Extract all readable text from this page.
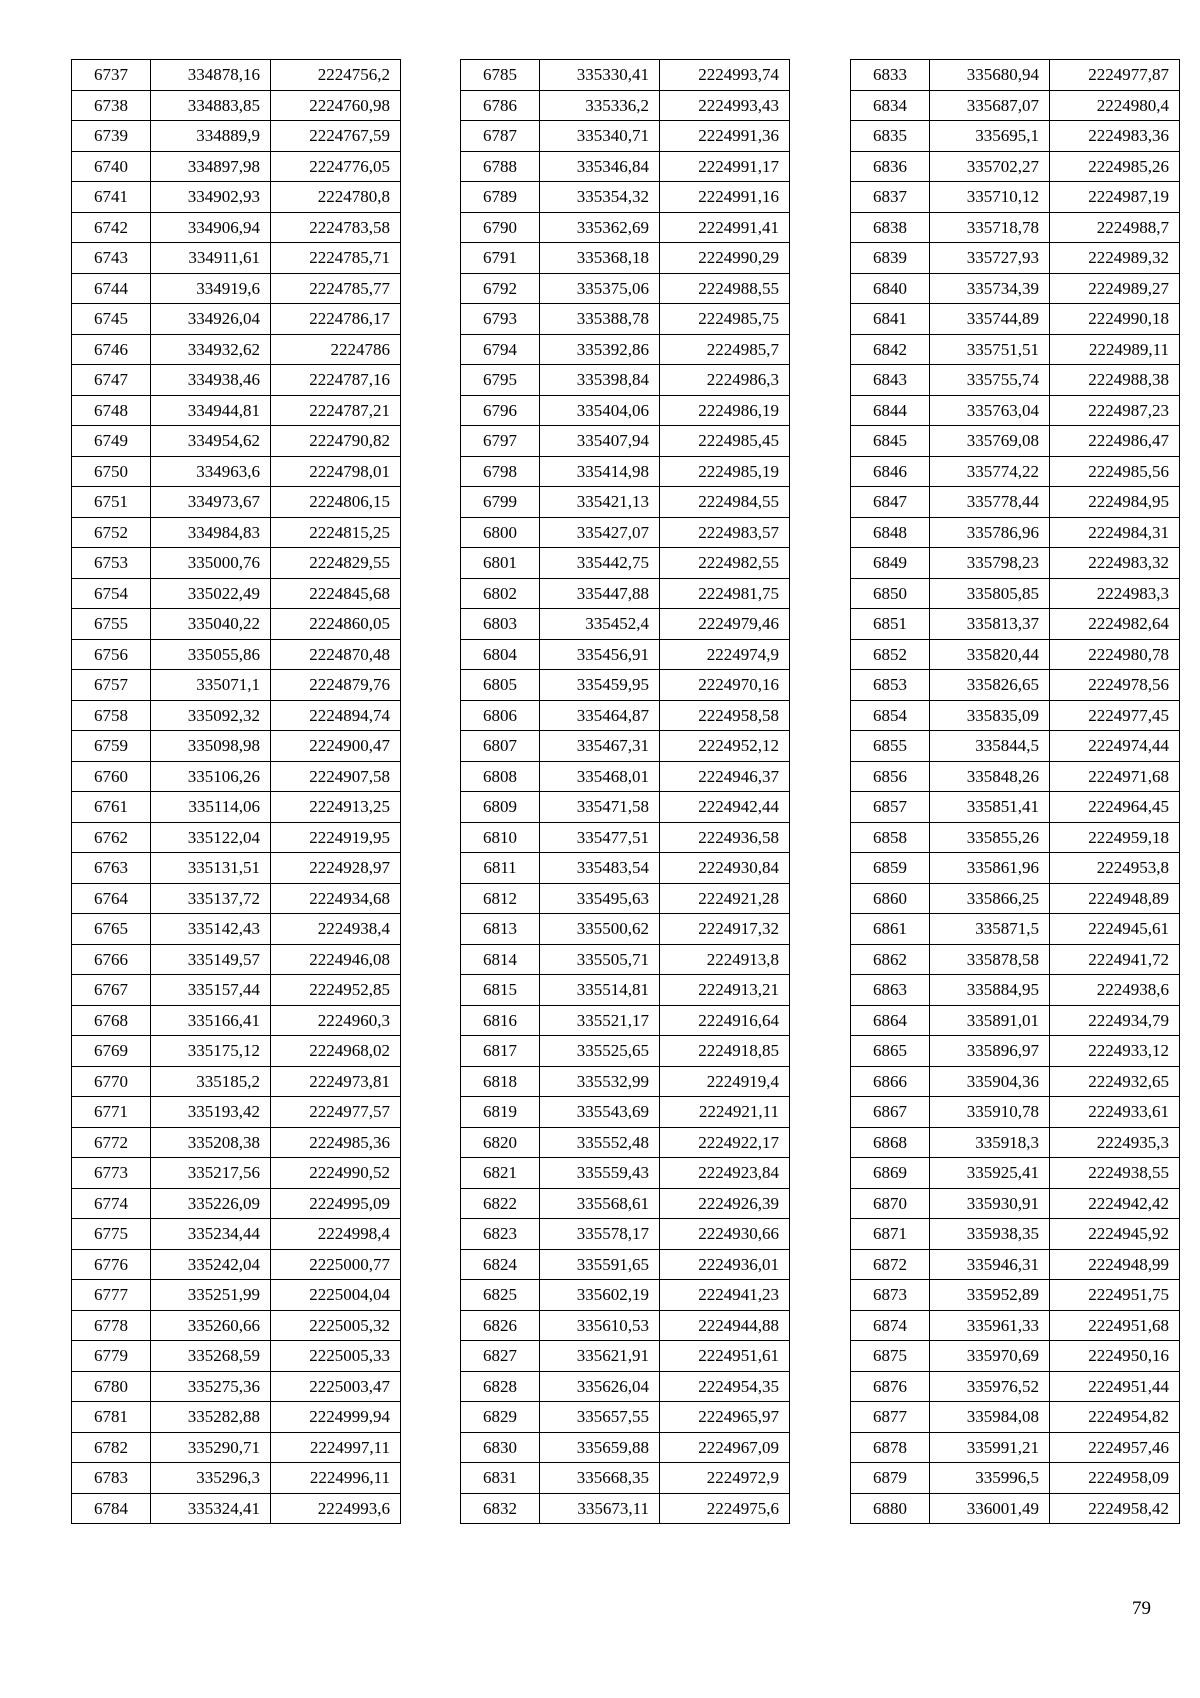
6737	334878,16	2224756,2
6738	334883,85	2224760,98
6739	334889,9	2224767,59
6740	334897,98	2224776,05
6741	334902,93	2224780,8
6742	334906,94	2224783,58
6743	334911,61	2224785,71
6744	334919,6	2224785,77
6745	334926,04	2224786,17
6746	334932,62	2224786
6747	334938,46	2224787,16
6748	334944,81	2224787,21
6749	334954,62	2224790,82
6750	334963,6	2224798,01
6751	334973,67	2224806,15
6752	334984,83	2224815,25
6753	335000,76	2224829,55
6754	335022,49	2224845,68
6755	335040,22	2224860,05
6756	335055,86	2224870,48
6757	335071,1	2224879,76
6758	335092,32	2224894,74
6759	335098,98	2224900,47
6760	335106,26	2224907,58
6761	335114,06	2224913,25
6762	335122,04	2224919,95
6763	335131,51	2224928,97
6764	335137,72	2224934,68
6765	335142,43	2224938,4
6766	335149,57	2224946,08
6767	335157,44	2224952,85
6768	335166,41	2224960,3
6769	335175,12	2224968,02
6770	335185,2	2224973,81
6771	335193,42	2224977,57
6772	335208,38	2224985,36
6773	335217,56	2224990,52
6774	335226,09	2224995,09
6775	335234,44	2224998,4
6776	335242,04	2225000,77
6777	335251,99	2225004,04
6778	335260,66	2225005,32
6779	335268,59	2225005,33
6780	335275,36	2225003,47
6781	335282,88	2224999,94
6782	335290,71	2224997,11
6783	335296,3	2224996,11
6784	335324,41	2224993,6
6785	335330,41	2224993,74
6786	335336,2	2224993,43
6787	335340,71	2224991,36
6788	335346,84	2224991,17
6789	335354,32	2224991,16
6790	335362,69	2224991,41
6791	335368,18	2224990,29
6792	335375,06	2224988,55
6793	335388,78	2224985,75
6794	335392,86	2224985,7
6795	335398,84	2224986,3
6796	335404,06	2224986,19
6797	335407,94	2224985,45
6798	335414,98	2224985,19
6799	335421,13	2224984,55
6800	335427,07	2224983,57
6801	335442,75	2224982,55
6802	335447,88	2224981,75
6803	335452,4	2224979,46
6804	335456,91	2224974,9
6805	335459,95	2224970,16
6806	335464,87	2224958,58
6807	335467,31	2224952,12
6808	335468,01	2224946,37
6809	335471,58	2224942,44
6810	335477,51	2224936,58
6811	335483,54	2224930,84
6812	335495,63	2224921,28
6813	335500,62	2224917,32
6814	335505,71	2224913,8
6815	335514,81	2224913,21
6816	335521,17	2224916,64
6817	335525,65	2224918,85
6818	335532,99	2224919,4
6819	335543,69	2224921,11
6820	335552,48	2224922,17
6821	335559,43	2224923,84
6822	335568,61	2224926,39
6823	335578,17	2224930,66
6824	335591,65	2224936,01
6825	335602,19	2224941,23
6826	335610,53	2224944,88
6827	335621,91	2224951,61
6828	335626,04	2224954,35
6829	335657,55	2224965,97
6830	335659,88	2224967,09
6831	335668,35	2224972,9
6832	335673,11	2224975,6
6833	335680,94	2224977,87
6834	335687,07	2224980,4
6835	335695,1	2224983,36
6836	335702,27	2224985,26
6837	335710,12	2224987,19
6838	335718,78	2224988,7
6839	335727,93	2224989,32
6840	335734,39	2224989,27
6841	335744,89	2224990,18
6842	335751,51	2224989,11
6843	335755,74	2224988,38
6844	335763,04	2224987,23
6845	335769,08	2224986,47
6846	335774,22	2224985,56
6847	335778,44	2224984,95
6848	335786,96	2224984,31
6849	335798,23	2224983,32
6850	335805,85	2224983,3
6851	335813,37	2224982,64
6852	335820,44	2224980,78
6853	335826,65	2224978,56
6854	335835,09	2224977,45
6855	335844,5	2224974,44
6856	335848,26	2224971,68
6857	335851,41	2224964,45
6858	335855,26	2224959,18
6859	335861,96	2224953,8
6860	335866,25	2224948,89
6861	335871,5	2224945,61
6862	335878,58	2224941,72
6863	335884,95	2224938,6
6864	335891,01	2224934,79
6865	335896,97	2224933,12
6866	335904,36	2224932,65
6867	335910,78	2224933,61
6868	335918,3	2224935,3
6869	335925,41	2224938,55
6870	335930,91	2224942,42
6871	335938,35	2224945,92
6872	335946,31	2224948,99
6873	335952,89	2224951,75
6874	335961,33	2224951,68
6875	335970,69	2224950,16
6876	335976,52	2224951,44
6877	335984,08	2224954,82
6878	335991,21	2224957,46
6879	335996,5	2224958,09
6880	336001,49	2224958,42
79
